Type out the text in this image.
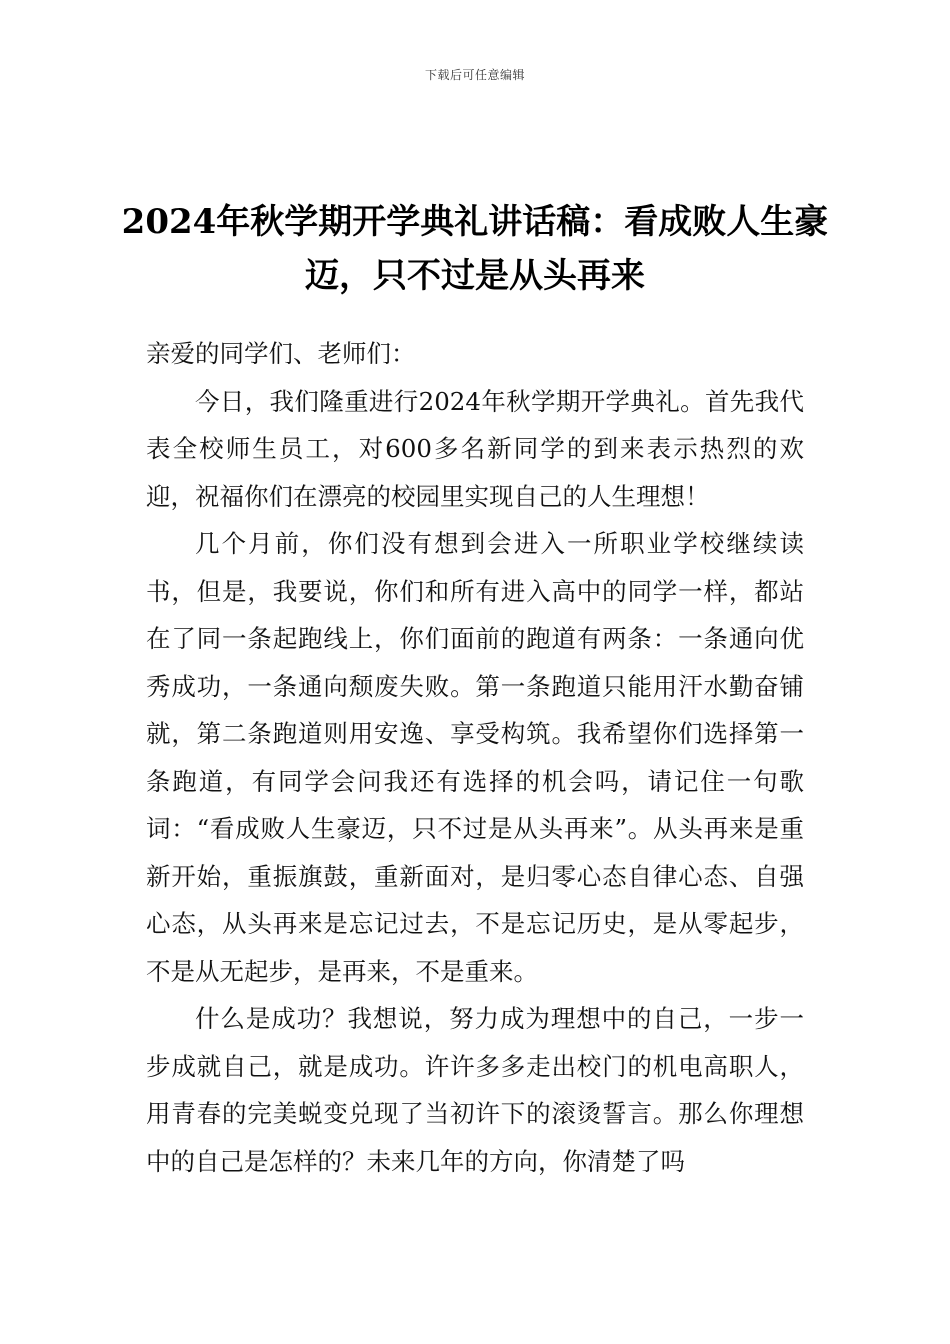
下载后可任意编辑
2024年秋学期开学典礼讲话稿：看成败人生豪迈，只不过是从头再来

亲爱的同学们、老师们：

今日，我们隆重进行2024年秋学期开学典礼。首先我代表全校师生员工，对600多名新同学的到来表示热烈的欢迎，祝福你们在漂亮的校园里实现自己的人生理想！

几个月前，你们没有想到会进入一所职业学校继续读书，但是，我要说，你们和所有进入高中的同学一样，都站在了同一条起跑线上，你们面前的跑道有两条：一条通向优秀成功，一条通向颓废失败。第一条跑道只能用汗水勤奋铺就，第二条跑道则用安逸、享受构筑。我希望你们选择第一条跑道，有同学会问我还有选择的机会吗，请记住一句歌词：“看成败人生豪迈，只不过是从头再来”。从头再来是重新开始，重振旗鼓，重新面对，是归零心态自律心态、自强心态，从头再来是忘记过去，不是忘记历史，是从零起步，不是从无起步，是再来，不是重来。

什么是成功？我想说，努力成为理想中的自己，一步一步成就自己，就是成功。许许多多走出校门的机电高职人，用青春的完美蜕变兑现了当初许下的滚烫誓言。那么你理想中的自己是怎样的？未来几年的方向，你清楚了吗
